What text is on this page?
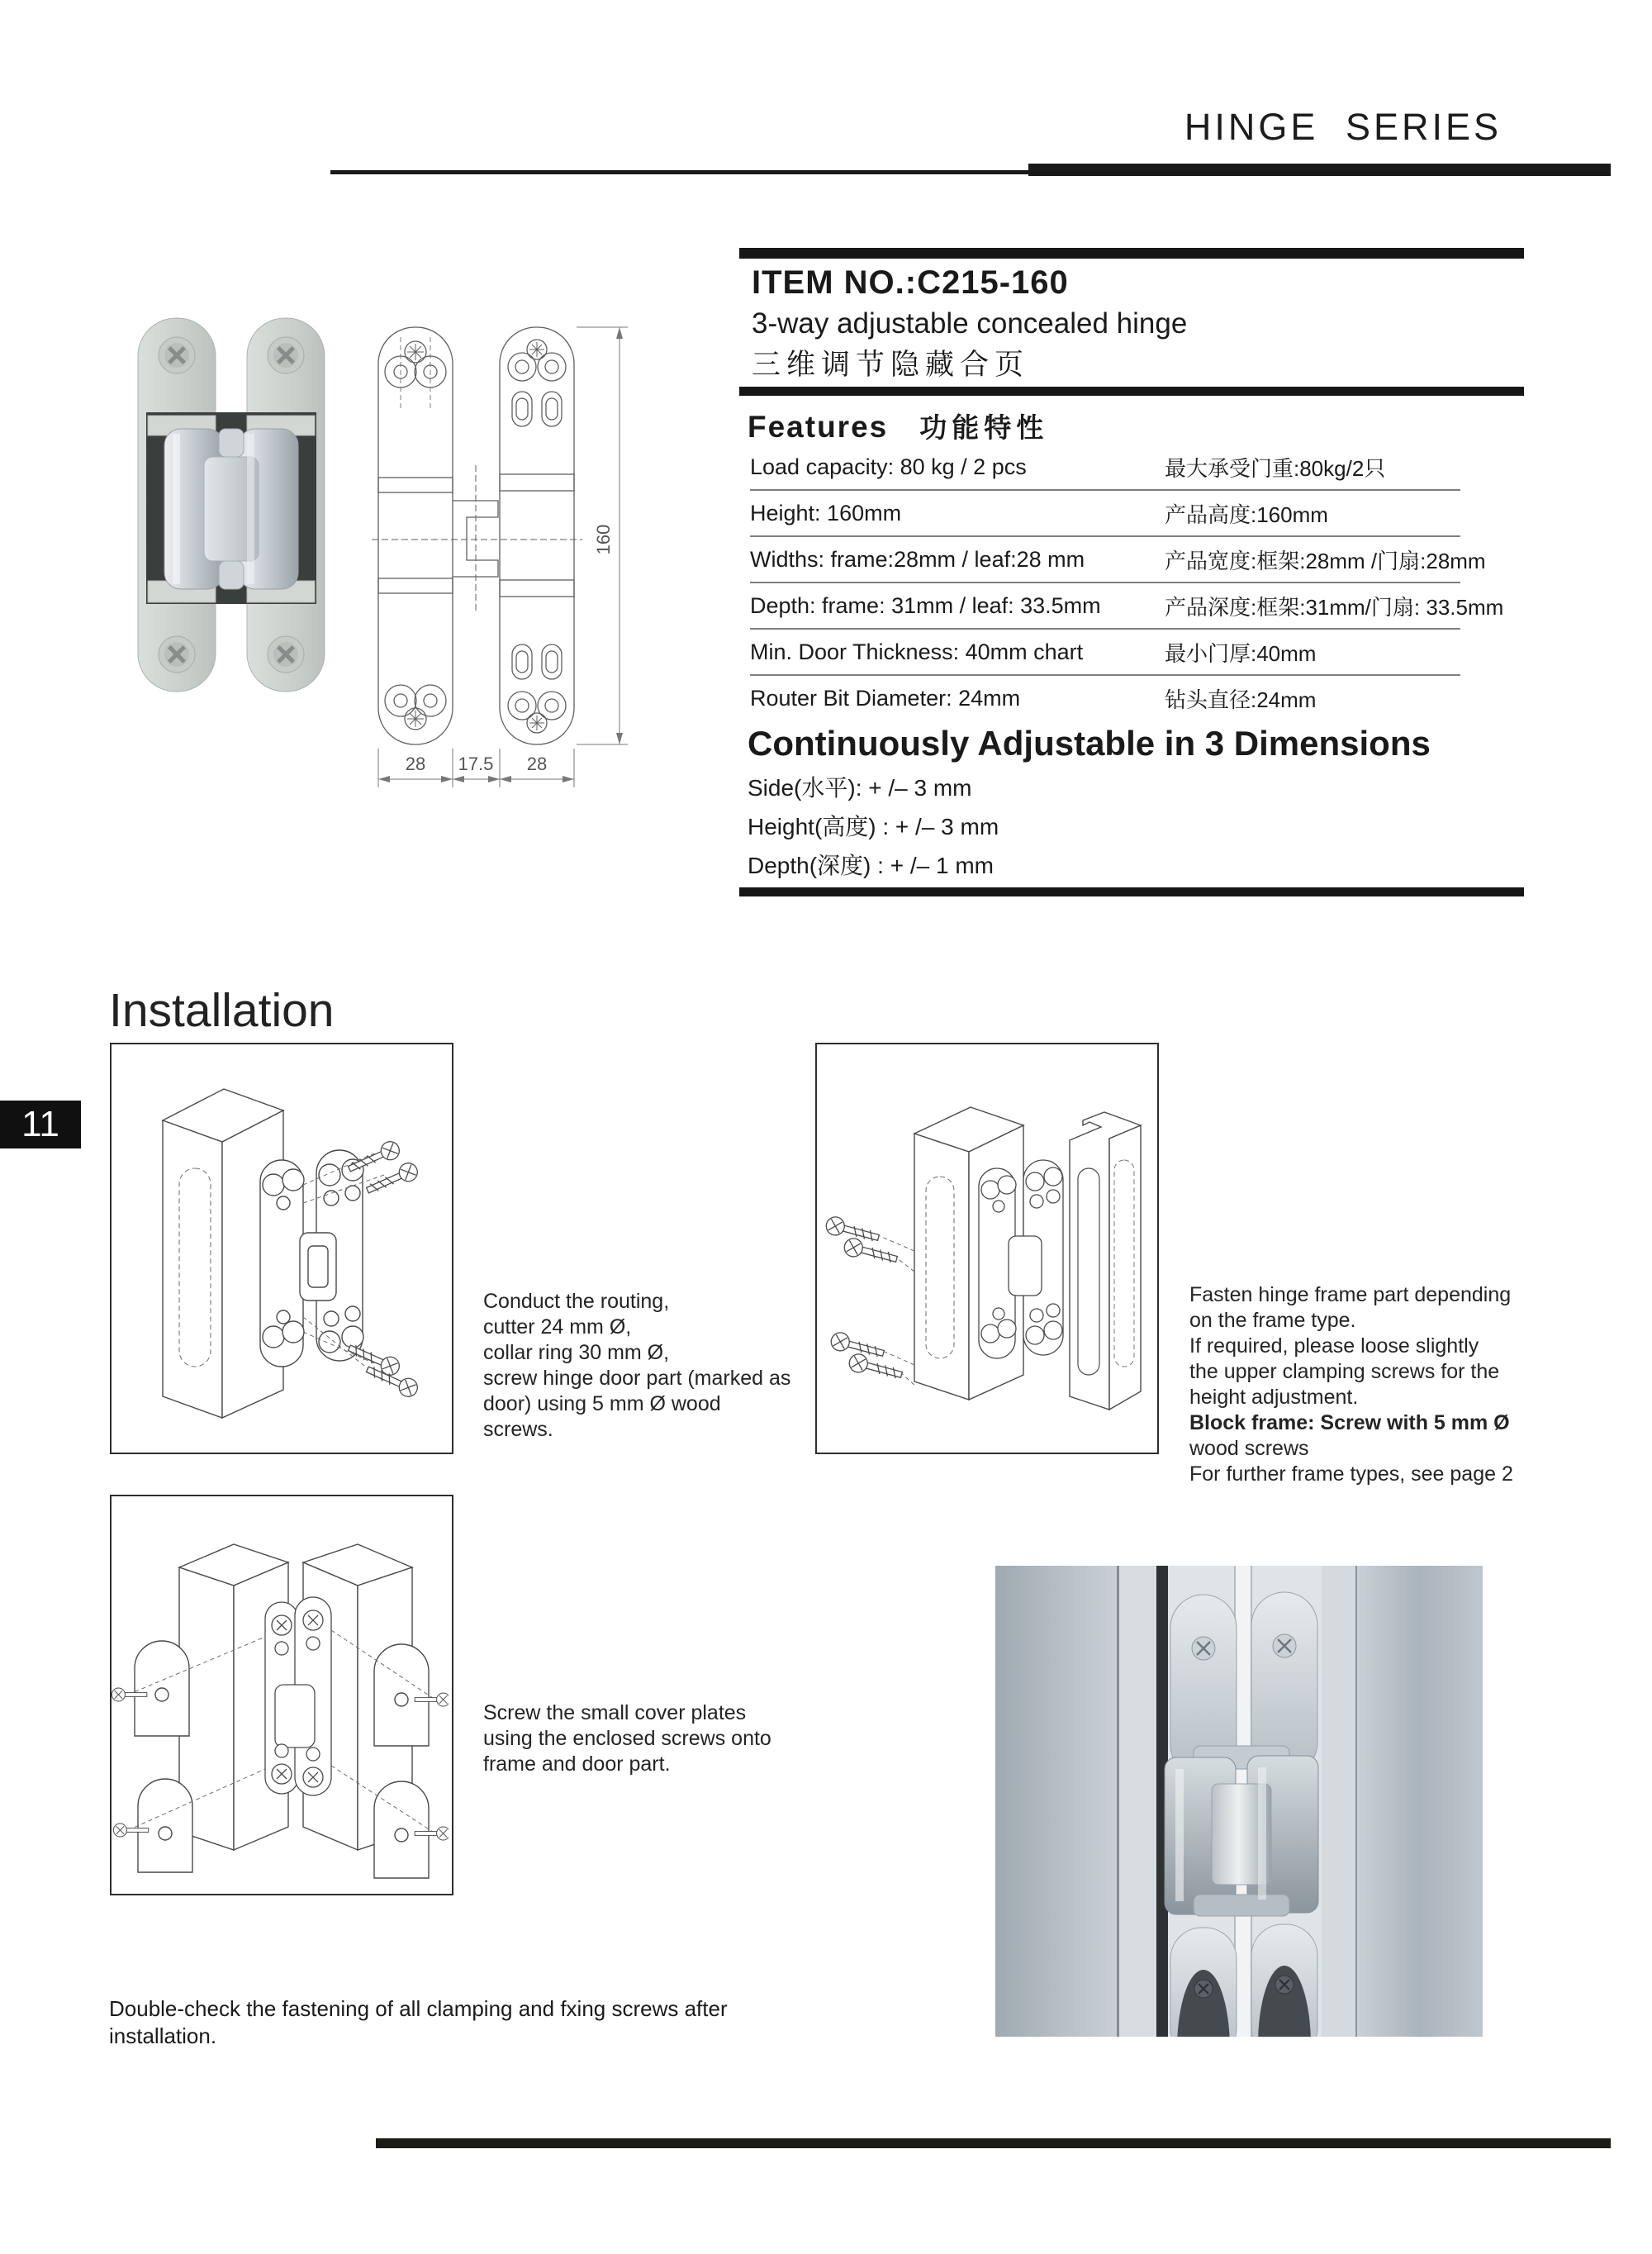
HINGE SERIES
28 17.5 28
160
ITEM NO.:C215-160
3-way adjustable concealed hinge
三维调节隐藏合页
Features 功能特性
Load capacity: 80 kg / 2 pcs	最大承受门重:80kg/2只
Height: 160mm	产品高度:160mm
Widths: frame:28mm / leaf:28 mm	产品宽度:框架:28mm /门扇:28mm
Depth: frame: 31mm / leaf: 33.5mm	产品深度:框架:31mm/门扇: 33.5mm
Min. Door Thickness: 40mm chart	最小门厚:40mm
Router Bit Diameter: 24mm	钻头直径:24mm
Continuously Adjustable in 3 Dimensions
Side(水平): + /– 3 mm
Height(高度) : + /– 3 mm
Depth(深度) : + /– 1 mm
Installation
11
Conduct the routing,
cutter 24 mm Ø,
collar ring 30 mm Ø,
screw hinge door part (marked as
door) using 5 mm Ø wood
screws.
Fasten hinge frame part depending
on the frame type.
If required, please loose slightly
the upper clamping screws for the
height adjustment.
Block frame: Screw with 5 mm Ø
wood screws
For further frame types, see page 2
Screw the small cover plates
using the enclosed screws onto
frame and door part.
Double-check the fastening of all clamping and fxing screws after
installation.
